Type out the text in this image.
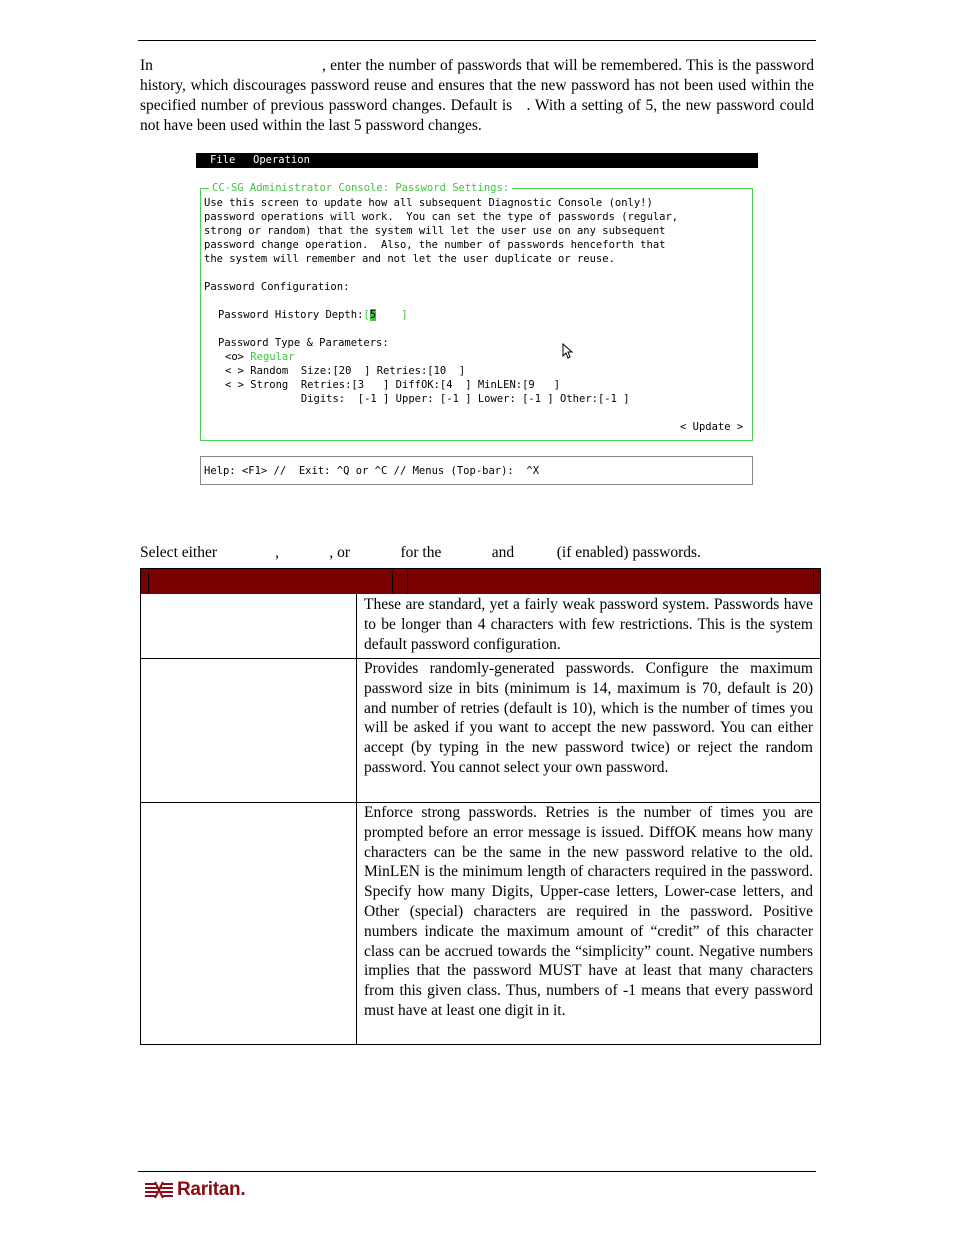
In	, enter the number of passwords that will be remembered. This is the password history, which discourages password reuse and ensures that the new password has not been used within the specified number of previous password changes. Default is . With a setting of 5, the new password could not have been used within the last 5 password changes.
File Operation
CC-SG Administrator Console: Password Settings:
Use this screen to update how all subsequent Diagnostic Console (only!)
password operations will work.  You can set the type of passwords (regular,
strong or random) that the system will let the user use on any subsequent
password change operation.  Also, the number of passwords henceforth that
the system will remember and not let the user duplicate or reuse.
Password Configuration:
Password History Depth:[5    ]
Password Type & Parameters:
<o> Regular
< > Random  Size:[20  ] Retries:[10  ]
< > Strong  Retries:[3   ] DiffOK:[4  ] MinLEN:[9   ]
Digits:  [-1 ] Upper: [-1 ] Lower: [-1 ] Other:[-1 ]
< Update >
Help: <F1> //  Exit: ^Q or ^C // Menus (Top-bar):  ^X
Select either	,	, or	for the	and	(if enabled) passwords.
These are standard, yet a fairly weak password system. Passwords have to be longer than 4 characters with few restrictions. This is the system default password configuration.
Provides randomly-generated passwords. Configure the maximum password size in bits (minimum is 14, maximum is 70, default is 20) and number of retries (default is 10), which is the number of times you will be asked if you want to accept the new password. You can either accept (by typing in the new password twice) or reject the random password. You cannot select your own password.
Enforce strong passwords. Retries is the number of times you are prompted before an error message is issued. DiffOK means how many characters can be the same in the new password relative to the old. MinLEN is the minimum length of characters required in the password. Specify how many Digits, Upper-case letters, Lower-case letters, and Other (special) characters are required in the password. Positive numbers indicate the maximum amount of “credit” of this character class can be accrued towards the “simplicity” count. Negative numbers implies that the password MUST have at least that many characters from this given class. Thus, numbers of -1 means that every password must have at least one digit in it.
Raritan.
